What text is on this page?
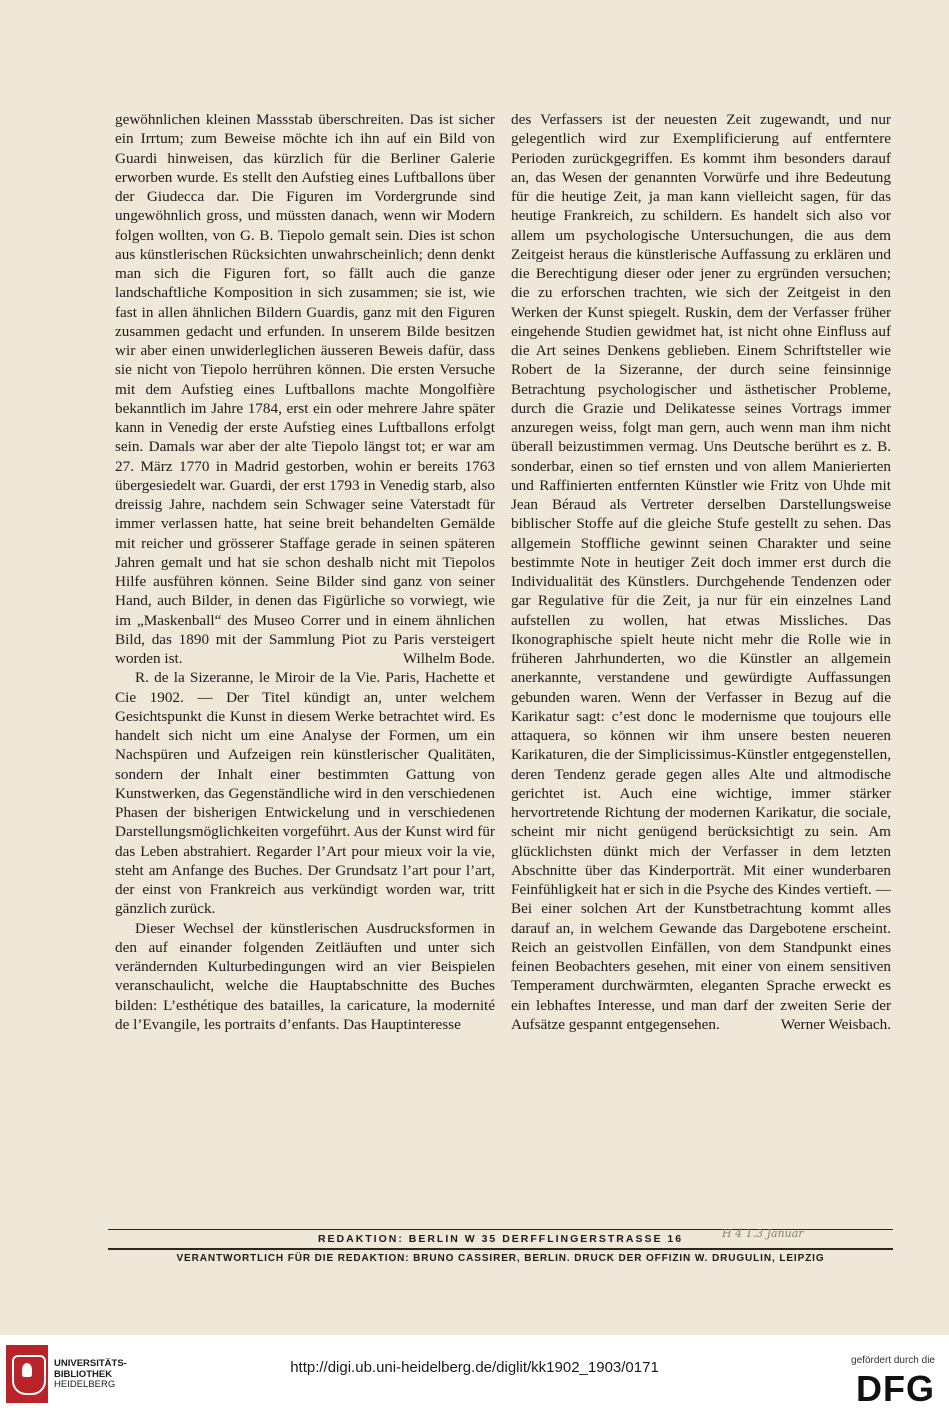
gewöhnlichen kleinen Massstab überschreiten. Das ist sicher ein Irrtum; zum Beweise möchte ich ihn auf ein Bild von Guardi hinweisen, das kürzlich für die Berliner Galerie erworben wurde. Es stellt den Aufstieg eines Luftballons über der Giudecca dar. Die Figuren im Vordergrunde sind ungewöhnlich gross, und müssten danach, wenn wir Modern folgen wollten, von G. B. Tiepolo gemalt sein. Dies ist schon aus künstlerischen Rücksichten unwahrscheinlich; denn denkt man sich die Figuren fort, so fällt auch die ganze landschaftliche Komposition in sich zusammen; sie ist, wie fast in allen ähnlichen Bildern Guardis, ganz mit den Figuren zusammen gedacht und erfunden. In unserem Bilde besitzen wir aber einen unwiderleglichen äusseren Beweis dafür, dass sie nicht von Tiepolo herrühren können. Die ersten Versuche mit dem Aufstieg eines Luftballons machte Mongolfière bekanntlich im Jahre 1784, erst ein oder mehrere Jahre später kann in Venedig der erste Aufstieg eines Luftballons erfolgt sein. Damals war aber der alte Tiepolo längst tot; er war am 27. März 1770 in Madrid gestorben, wohin er bereits 1763 übergesiedelt war. Guardi, der erst 1793 in Venedig starb, also dreissig Jahre, nachdem sein Schwager seine Vaterstadt für immer verlassen hatte, hat seine breit behandelten Gemälde mit reicher und grösserer Staffage gerade in seinen späteren Jahren gemalt und hat sie schon deshalb nicht mit Tiepolos Hilfe ausführen können. Seine Bilder sind ganz von seiner Hand, auch Bilder, in denen das Figürliche so vorwiegt, wie im „Maskenball“ des Museo Correr und in einem ähnlichen Bild, das 1890 mit der Sammlung Piot zu Paris versteigert worden ist.	Wilhelm Bode.

R. de la Sizeranne, le Miroir de la Vie. Paris, Hachette et Cie 1902. — Der Titel kündigt an, unter welchem Gesichtspunkt die Kunst in diesem Werke betrachtet wird. Es handelt sich nicht um eine Analyse der Formen, um ein Nachspüren und Aufzeigen rein künstlerischer Qualitäten, sondern der Inhalt einer bestimmten Gattung von Kunstwerken, das Gegenständliche wird in den verschiedenen Phasen der bisherigen Entwickelung und in verschiedenen Darstellungsmöglichkeiten vorgeführt. Aus der Kunst wird für das Leben abstrahiert. Regarder l’Art pour mieux voir la vie, steht am Anfange des Buches. Der Grundsatz l’art pour l’art, der einst von Frankreich aus verkündigt worden war, tritt gänzlich zurück.

Dieser Wechsel der künstlerischen Ausdrucksformen in den auf einander folgenden Zeitläuften und unter sich verändernden Kulturbedingungen wird an vier Beispielen veranschaulicht, welche die Hauptabschnitte des Buches bilden: L’esthétique des batailles, la caricature, la modernité de l’Evangile, les portraits d’enfants. Das Hauptinteresse

des Verfassers ist der neuesten Zeit zugewandt, und nur gelegentlich wird zur Exemplificierung auf entferntere Perioden zurückgegriffen. Es kommt ihm besonders darauf an, das Wesen der genannten Vorwürfe und ihre Bedeutung für die heutige Zeit, ja man kann vielleicht sagen, für das heutige Frankreich, zu schildern. Es handelt sich also vor allem um psychologische Untersuchungen, die aus dem Zeitgeist heraus die künstlerische Auffassung zu erklären und die Berechtigung dieser oder jener zu ergründen versuchen; die zu erforschen trachten, wie sich der Zeitgeist in den Werken der Kunst spiegelt. Ruskin, dem der Verfasser früher eingehende Studien gewidmet hat, ist nicht ohne Einfluss auf die Art seines Denkens geblieben. Einem Schriftsteller wie Robert de la Sizeranne, der durch seine feinsinnige Betrachtung psychologischer und ästhetischer Probleme, durch die Grazie und Delikatesse seines Vortrags immer anzuregen weiss, folgt man gern, auch wenn man ihm nicht überall beizustimmen vermag. Uns Deutsche berührt es z. B. sonderbar, einen so tief ernsten und von allem Manierierten und Raffinierten entfernten Künstler wie Fritz von Uhde mit Jean Béraud als Vertreter derselben Darstellungsweise biblischer Stoffe auf die gleiche Stufe gestellt zu sehen. Das allgemein Stoffliche gewinnt seinen Charakter und seine bestimmte Note in heutiger Zeit doch immer erst durch die Individualität des Künstlers. Durchgehende Tendenzen oder gar Regulative für die Zeit, ja nur für ein einzelnes Land aufstellen zu wollen, hat etwas Missliches. Das Ikonographische spielt heute nicht mehr die Rolle wie in früheren Jahrhunderten, wo die Künstler an allgemein anerkannte, verstandene und gewürdigte Auffassungen gebunden waren. Wenn der Verfasser in Bezug auf die Karikatur sagt: c’est donc le modernisme que toujours elle attaquera, so können wir ihm unsere besten neueren Karikaturen, die der Simplicissimus-Künstler entgegenstellen, deren Tendenz gerade gegen alles Alte und altmodische gerichtet ist. Auch eine wichtige, immer stärker hervortretende Richtung der modernen Karikatur, die sociale, scheint mir nicht genügend berücksichtigt zu sein. Am glücklichsten dünkt mich der Verfasser in dem letzten Abschnitte über das Kinderporträt. Mit einer wunderbaren Feinfühligkeit hat er sich in die Psyche des Kindes vertieft. — Bei einer solchen Art der Kunstbetrachtung kommt alles darauf an, in welchem Gewande das Dargebotene erscheint. Reich an geistvollen Einfällen, von dem Standpunkt eines feinen Beobachters gesehen, mit einer von einem sensitiven Temperament durchwärmten, eleganten Sprache erweckt es ein lebhaftes Interesse, und man darf der zweiten Serie der Aufsätze gespannt entgegensehen.	Werner Weisbach.

REDAKTION: BERLIN W 35 DERFFLINGERSTRASSE 16	H 4 1.3 Januar
VERANTWORTLICH FÜR DIE REDAKTION: BRUNO CASSIRER, BERLIN. DRUCK DER OFFIZIN W. DRUGULIN, LEIPZIG
UNIVERSITÄTS-
BIBLIOTHEK
HEIDELBERG
http://digi.ub.uni-heidelberg.de/diglit/kk1902_1903/0171	gefördert durch die
DFG
